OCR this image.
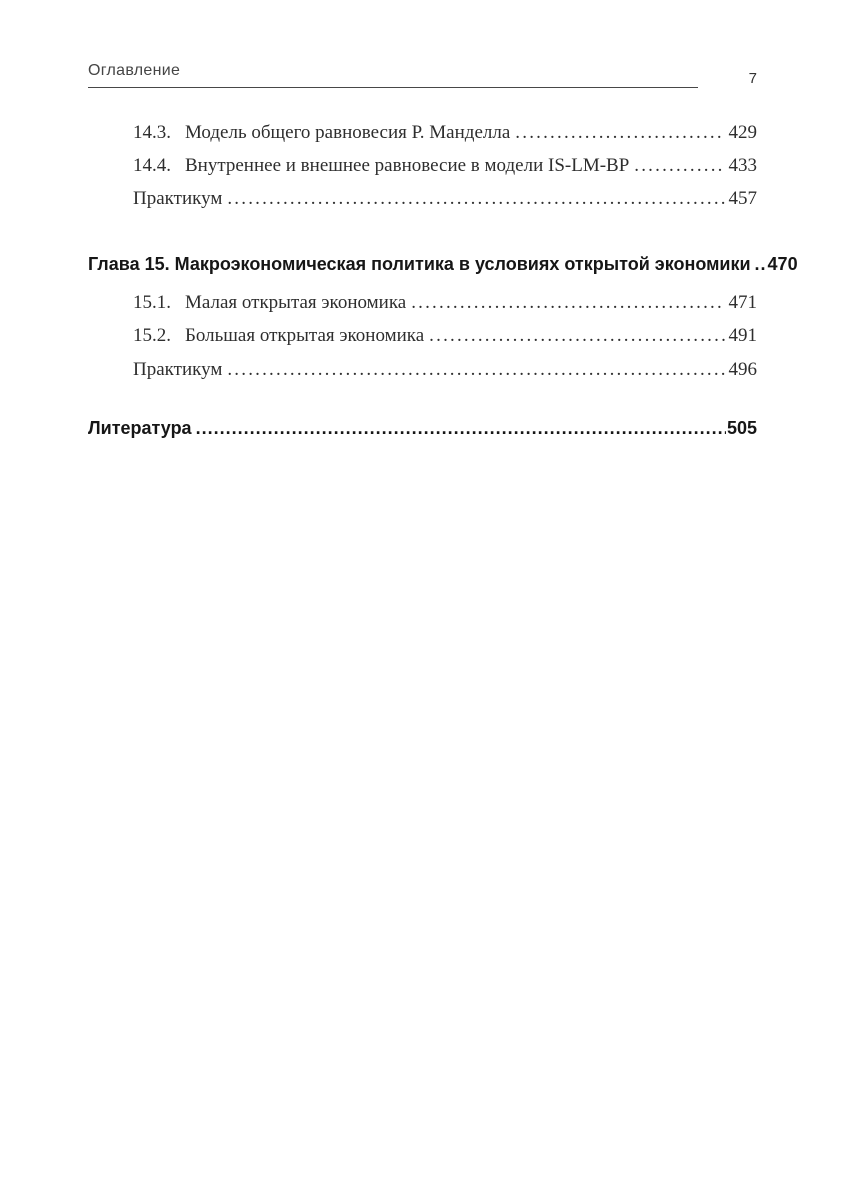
Оглавление	7
14.3. Модель общего равновесия Р. Манделла .....	429
14.4. Внутреннее и внешнее равновесие в модели IS-LM-BP .....	433
Практикум .....	457
Глава 15. Макроэкономическая политика в условиях открытой экономики ..... 470
15.1. Малая открытая экономика .....	471
15.2. Большая открытая экономика .....	491
Практикум .....	496
Литература .....	505
